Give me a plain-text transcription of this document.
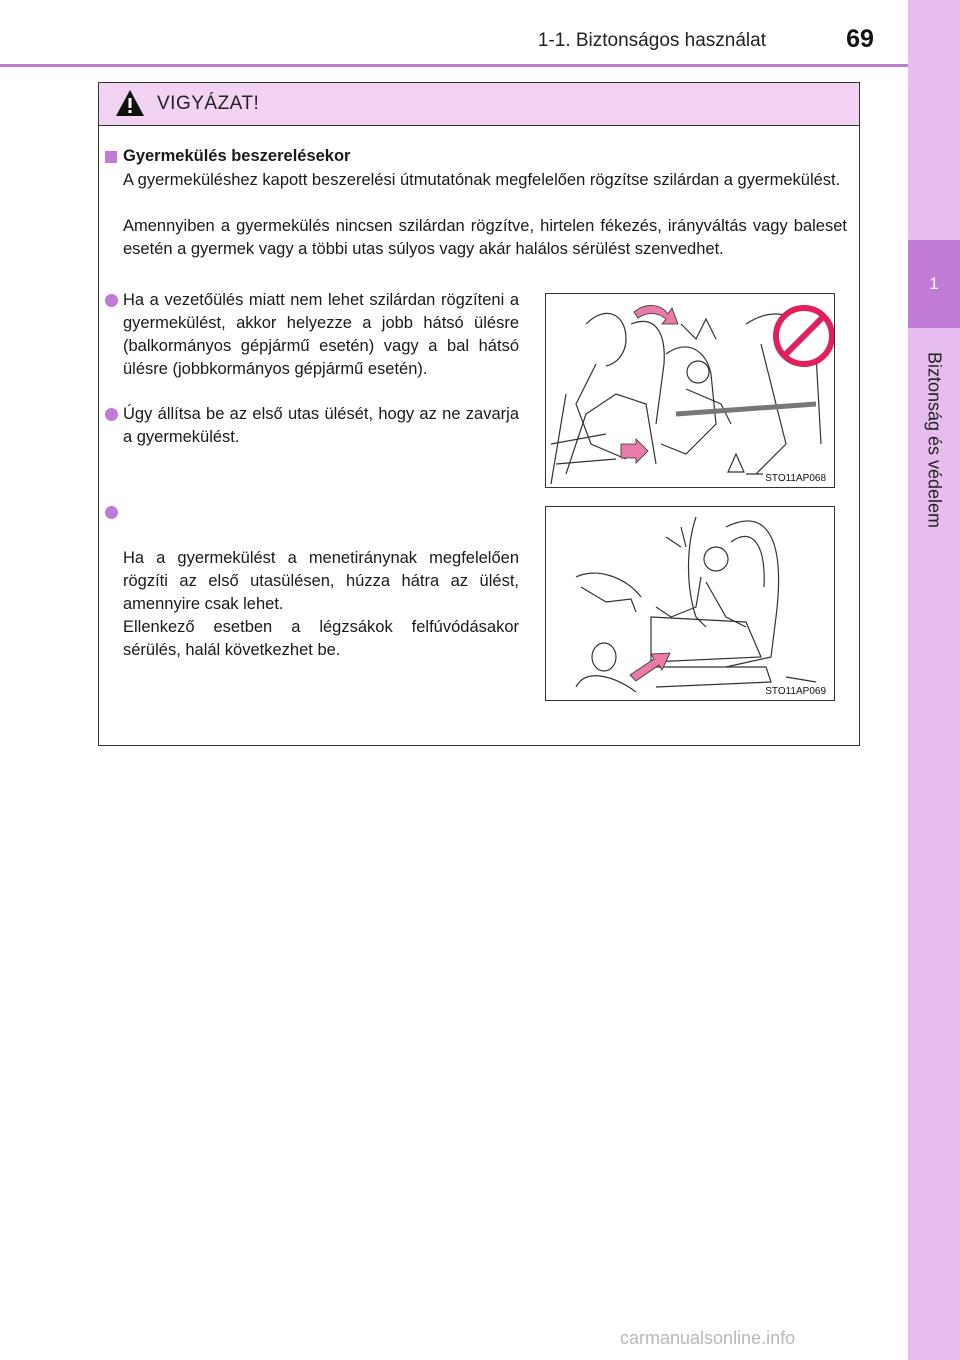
1-1. Biztonságos használat	69
1
Biztonság és védelem
VIGYÁZAT!
Gyermekülés beszerelésekor

A gyermeküléshez kapott beszerelési útmutatónak megfelelően rögzítse szilárdan a gyermekülést.

Amennyiben a gyermekülés nincsen szilárdan rögzítve, hirtelen fékezés, irányváltás vagy baleset esetén a gyermek vagy a többi utas súlyos vagy akár halálos sérülést szenvedhet.

Ha a vezetőülés miatt nem lehet szilárdan rögzíteni a gyermekülést, akkor helyezze a jobb hátsó ülésre (balkormányos gépjármű esetén) vagy a bal hátsó ülésre (jobbkormányos gépjármű esetén).
Úgy állítsa be az első utas ülését, hogy az ne zavarja a gyermekülést.

Ha a gyermekülést a menetiránynak megfelelően rögzíti az első utasülésen, húzza hátra az ülést, amennyire csak lehet.
Ellenkező esetben a légzsákok felfúvódásakor sérülés, halál következhet be.

STO11AP068
STO11AP069
carmanualsonline.info
